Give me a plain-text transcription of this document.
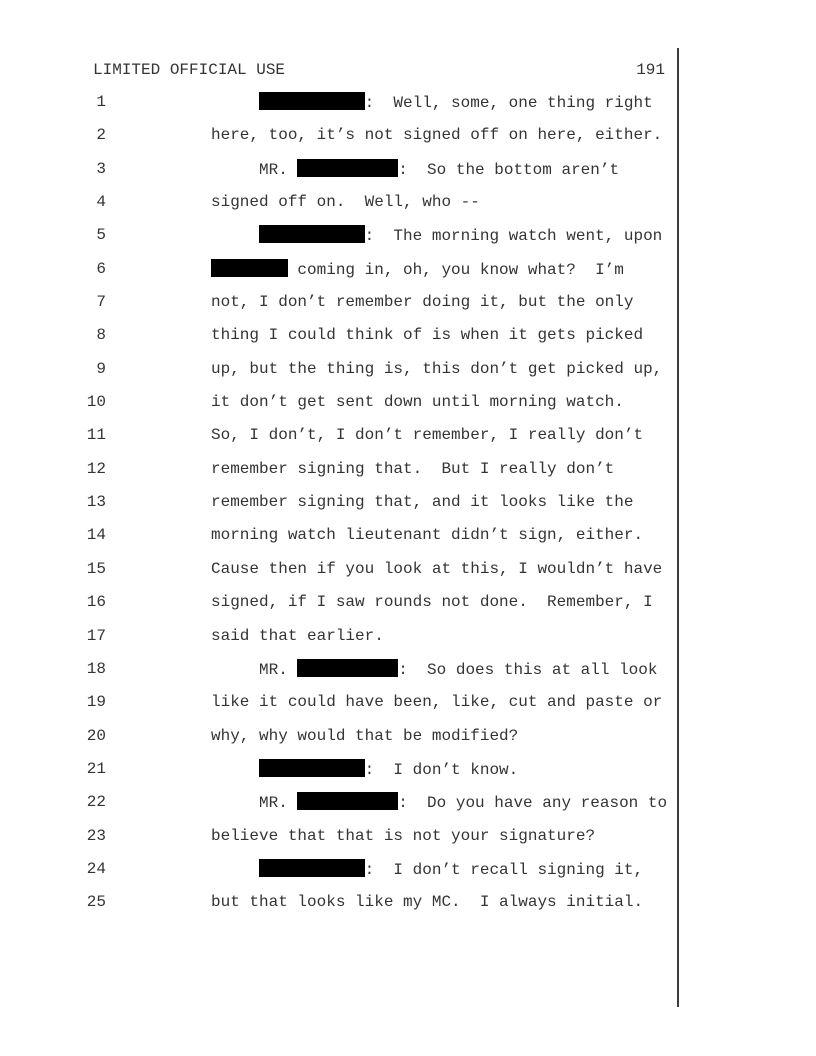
LIMITED OFFICIAL USE	191
1	:  Well, some, one thing right
2	here, too, it’s not signed off on here, either.
3	MR.	:  So the bottom aren’t
4	signed off on.  Well, who --
5	:  The morning watch went, upon
6	coming in, oh, you know what?  I’m
7	not, I don’t remember doing it, but the only
8	thing I could think of is when it gets picked
9	up, but the thing is, this don’t get picked up,
10	it don’t get sent down until morning watch.
11	So, I don’t, I don’t remember, I really don’t
12	remember signing that.  But I really don’t
13	remember signing that, and it looks like the
14	morning watch lieutenant didn’t sign, either.
15	Cause then if you look at this, I wouldn’t have
16	signed, if I saw rounds not done.  Remember, I
17	said that earlier.
18	MR.	:  So does this at all look
19	like it could have been, like, cut and paste or
20	why, why would that be modified?
21	:  I don’t know.
22	MR.	:  Do you have any reason to
23	believe that that is not your signature?
24	:  I don’t recall signing it,
25	but that looks like my MC.  I always initial.
